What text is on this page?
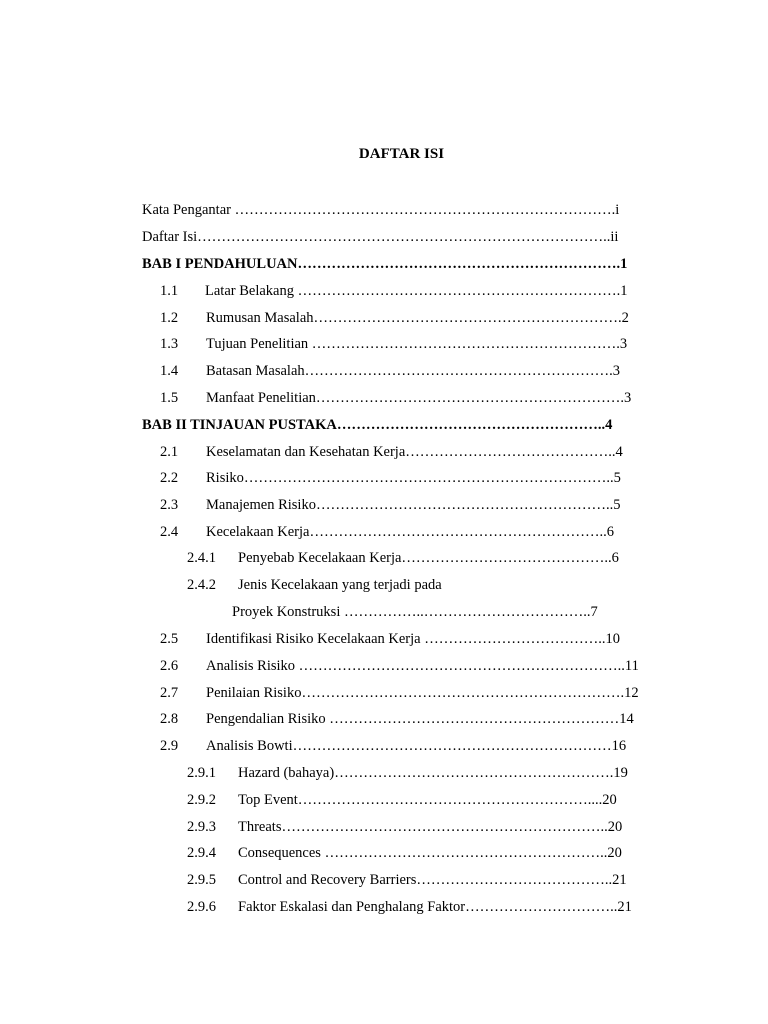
DAFTAR ISI
Kata Pengantar …………………………………………………………………….i
Daftar Isi…………………………………………………………………………..ii
BAB I PENDAHULUAN………………………………………………………….1
1.1 Latar Belakang ………………………………………………………….1
1.2 Rumusan Masalah……………………………………………………….2
1.3 Tujuan Penelitian ……………………………………………………….3
1.4 Batasan Masalah……………………………………………………….3
1.5 Manfaat Penelitian……………………………………………………….3
BAB II TINJAUAN PUSTAKA………………………………………………..4
2.1 Keselamatan dan Kesehatan Kerja……………………………………..4
2.2 Risiko…………………………………………………………………..5
2.3 Manajemen Risiko……………………………………………………..5
2.4 Kecelakaan Kerja……………………………………………………..6
2.4.1 Penyebab Kecelakaan Kerja……………………………………..6
2.4.2 Jenis Kecelakaan yang terjadi pada
Proyek Konstruksi ……………..……………………………..7
2.5 Identifikasi Risiko Kecelakaan Kerja ………………………………..10
2.6 Analisis Risiko …………………………………………………………..11
2.7 Penilaian Risiko………………………………………………………….12
2.8 Pengendalian Risiko ……………………………………………………14
2.9 Analisis Bowti…………………………………………………………16
2.9.1 Hazard (bahaya)………………………………………………….19
2.9.2 Top Event……………………………………………………....20
2.9.3 Threats…………………………………………………………..20
2.9.4 Consequences …………………………………………………..20
2.9.5 Control and Recovery Barriers…………………………………..21
2.9.6 Faktor Eskalasi dan Penghalang Faktor…………………………..21
